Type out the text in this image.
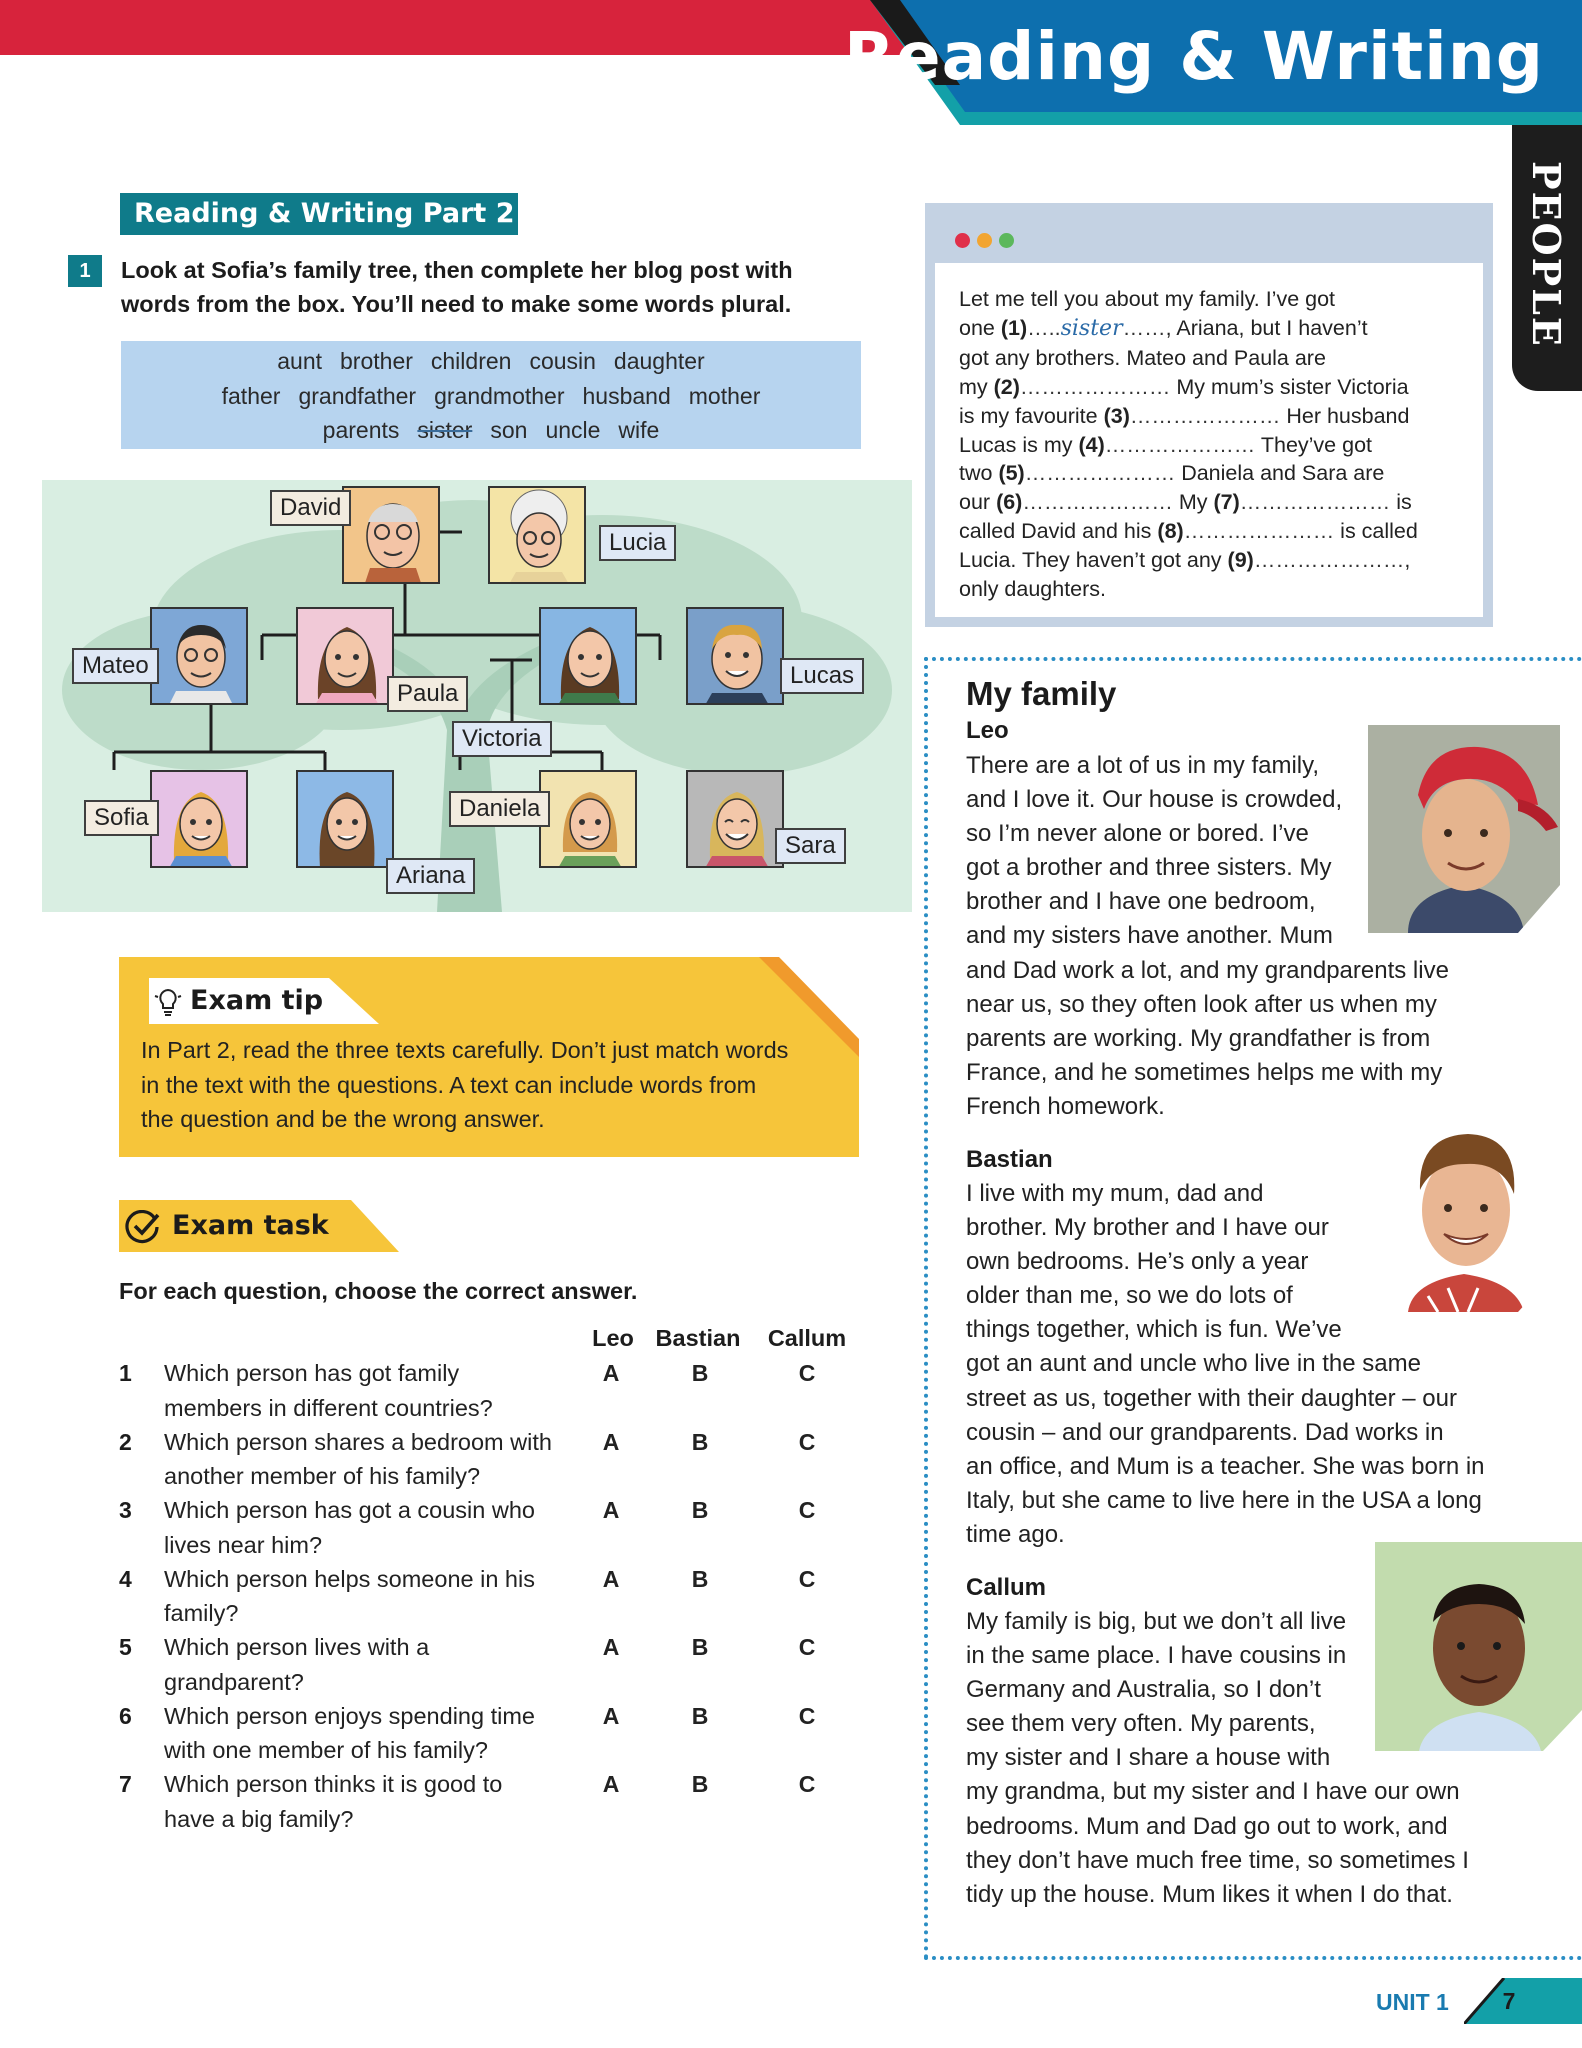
Reading & Writing
PEOPLE
Reading & Writing Part 2
1	Look at Sofia’s family tree, then complete her blog post with
words from the box. You’ll need to make some words plural.
aunt brother children cousin daughter
father grandfather grandmother husband mother
parents sister son uncle wife
David
Lucia
Mateo
Paula
Victoria
Lucas
Sofia
Ariana
Daniela
Sara
Exam tip
In Part 2, read the three texts carefully. Don’t just match words
in the text with the questions. A text can include words from
the question and be the wrong answer.
Exam task
For each question, choose the correct answer.
Leo Bastian Callum
1 Which person has got family
members in different countries?
A	B	C
2 Which person shares a bedroom with
another member of his family?
A	B	C
3 Which person has got a cousin who
lives near him?
A	B	C
4 Which person helps someone in his
family?
A	B	C
5 Which person lives with a
grandparent?
A	B	C
6 Which person enjoys spending time
with one member of his family?
A	B	C
7 Which person thinks it is good to
have a big family?
A	B	C
Let me tell you about my family. I’ve got
one (1)…..sister……, Ariana, but I haven’t
got any brothers. Mateo and Paula are
my (2)………………… My mum’s sister Victoria
is my favourite (3)………………… Her husband
Lucas is my (4)………………… They’ve got
two (5)………………… Daniela and Sara are
our (6)………………… My (7)………………… is
called David and his (8)………………… is called
Lucia. They haven’t got any (9)…………………,
only daughters.
My family
Leo
There are a lot of us in my family,
and I love it. Our house is crowded,
so I’m never alone or bored. I’ve
got a brother and three sisters. My
brother and I have one bedroom,
and my sisters have another. Mum
and Dad work a lot, and my grandparents live
near us, so they often look after us when my
parents are working. My grandfather is from
France, and he sometimes helps me with my
French homework.
Bastian
I live with my mum, dad and
brother. My brother and I have our
own bedrooms. He’s only a year
older than me, so we do lots of
things together, which is fun. We’ve
got an aunt and uncle who live in the same
street as us, together with their daughter – our
cousin – and our grandparents. Dad works in
an office, and Mum is a teacher. She was born in
Italy, but she came to live here in the USA a long
time ago.
Callum
My family is big, but we don’t all live
in the same place. I have cousins in
Germany and Australia, so I don’t
see them very often. My parents,
my sister and I share a house with
my grandma, but my sister and I have our own
bedrooms. Mum and Dad go out to work, and
they don’t have much free time, so sometimes I
tidy up the house. Mum likes it when I do that.
UNIT 1 7
